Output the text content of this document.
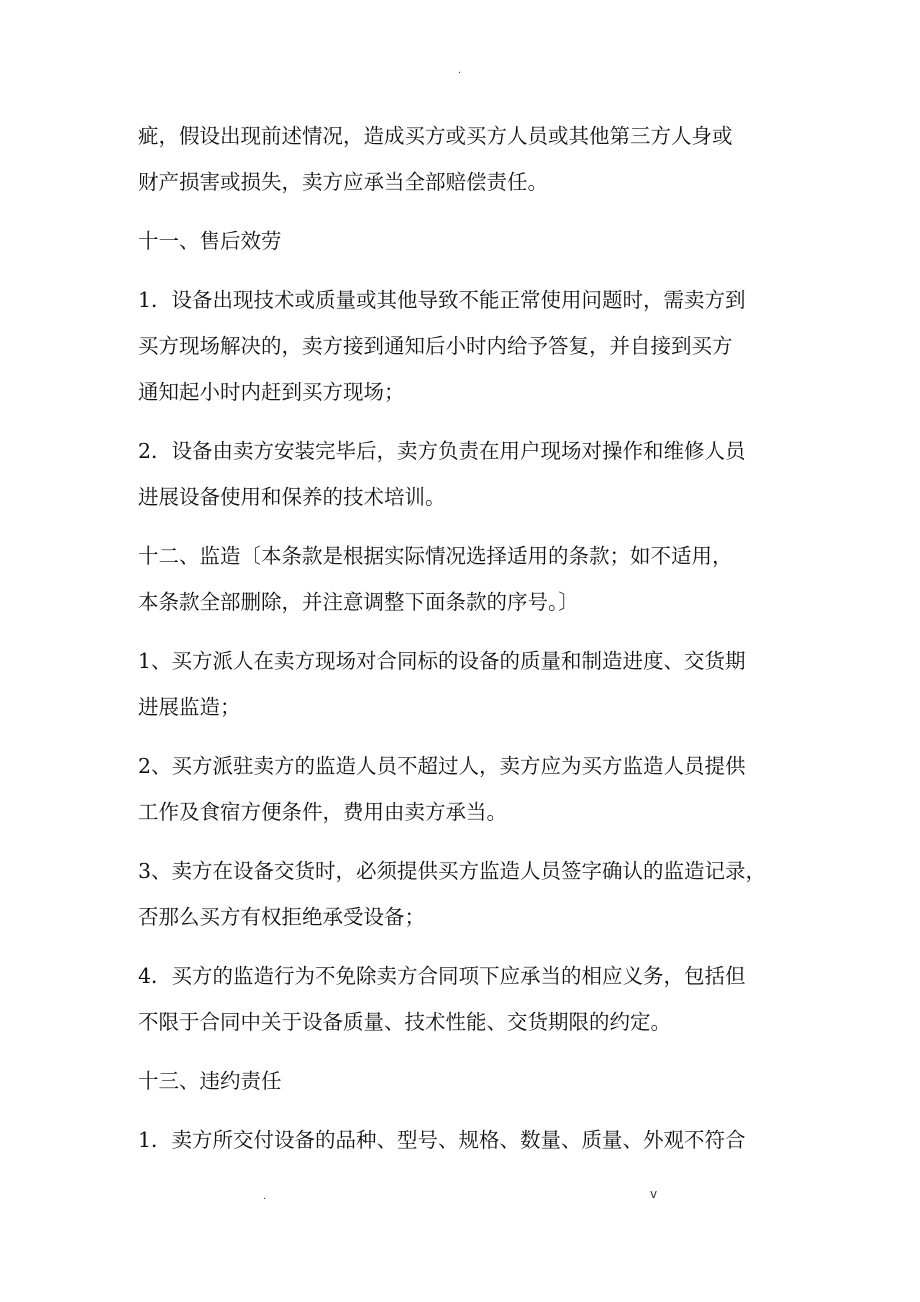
.
疵，假设出现前述情况，造成买方或买方人员或其他第三方人身或
财产损害或损失，卖方应承当全部赔偿责任。
十一、售后效劳
1．设备出现技术或质量或其他导致不能正常使用问题时，需卖方到
买方现场解决的，卖方接到通知后小时内给予答复，并自接到买方
通知起小时内赶到买方现场；
2．设备由卖方安装完毕后，卖方负责在用户现场对操作和维修人员
进展设备使用和保养的技术培训。
十二、监造〔本条款是根据实际情况选择适用的条款；如不适用，
本条款全部删除，并注意调整下面条款的序号。〕
1、买方派人在卖方现场对合同标的设备的质量和制造进度、交货期
进展监造；
2、买方派驻卖方的监造人员不超过人，卖方应为买方监造人员提供
工作及食宿方便条件，费用由卖方承当。
3、卖方在设备交货时，必须提供买方监造人员签字确认的监造记录，
否那么买方有权拒绝承受设备；
4．买方的监造行为不免除卖方合同项下应承当的相应义务，包括但
不限于合同中关于设备质量、技术性能、交货期限的约定。
十三、违约责任
1．卖方所交付设备的品种、型号、规格、数量、质量、外观不符合
.	v
